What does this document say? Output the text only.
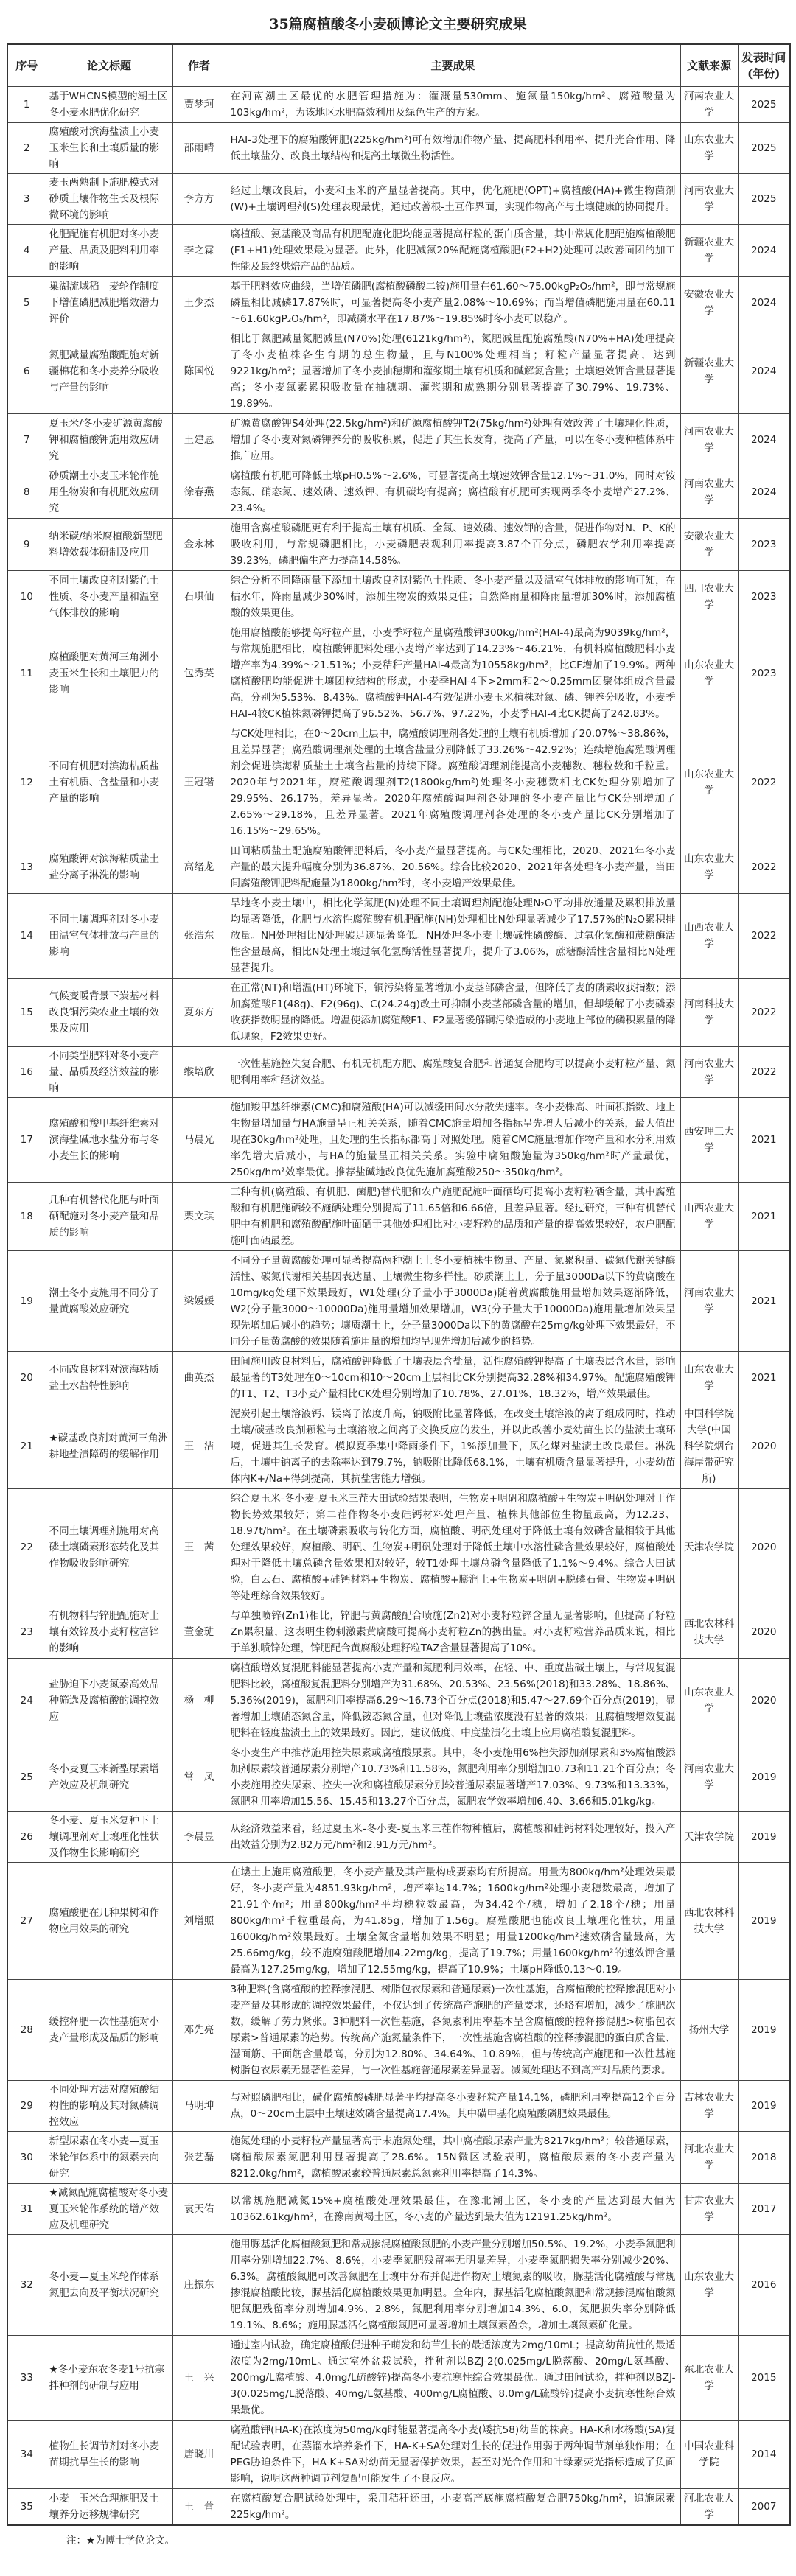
35篇腐植酸冬小麦硕博论文主要研究成果
序号	论文标题	作者	主要成果	文献来源	发表时间(年份)
1	基于WHCNS模型的潮土区冬小麦水肥优化研究	贾梦珂	在河南潮土区最优的水肥管理措施为：灌溉量530mm、施氮量150kg/hm²、腐殖酸量为103kg/hm²，为该地区水肥高效利用及绿色生产的方案。	河南农业大学	2025
2	腐殖酸对滨海盐渍土小麦玉米生长和土壤质量的影响	邵雨晴	HAⅠ-3处理下的腐殖酸钾肥(225kg/hm²)可有效增加作物产量、提高肥料利用率、提升光合作用、降低土壤盐分、改良土壤结构和提高土壤微生物活性。	山东农业大学	2025
3	麦玉两熟制下施肥模式对砂质土壤作物生长及根际微环境的影响	李方方	经过土壤改良后，小麦和玉米的产量显著提高。其中，优化施肥(OPT)+腐植酸(HA)+微生物菌剂(W)+土壤调理剂(S)处理表现最优，通过改善根-土互作界面，实现作物高产与土壤健康的协同提升。	河南农业大学	2025
4	化肥配施有机肥对冬小麦产量、品质及肥料利用率的影响	李之霖	腐植酸、氨基酸及商品有机肥配施化肥均能显著提高籽粒的蛋白质含量，其中常规化肥配施腐植酸肥(F1+H1)处理效果最为显著。此外，化肥减氮20%配施腐植酸肥(F2+H2)处理可以改善面团的加工性能及最终烘焙产品的品质。	新疆农业大学	2024
5	巢湖流域稻—麦轮作制度下增值磷肥减肥增效潜力评价	王少杰	基于肥料效应曲线，当增值磷肥(腐植酸磷酸二铵)施用量在61.60～75.00kgP₂O₅/hm²，即与常规施磷量相比减磷17.87%时，可显著提高冬小麦产量2.08%～10.69%；而当增值磷肥施用量在60.11～61.60kgP₂O₅/hm²，即减磷水平在17.87%～19.85%时冬小麦可以稳产。	安徽农业大学	2024
6	氮肥减量腐殖酸配施对新疆棉花和冬小麦养分吸收与产量的影响	陈国悦	相比于氮肥减量氮肥减量(N70%)处理(6121kg/hm²)，氮肥减量配施腐殖酸(N70%+HA)处理提高了冬小麦植株各生育期的总生物量，且与N100%处理相当；籽粒产量显著提高，达到9221kg/hm²；显著增加了冬小麦抽穗期和灌浆期土壤有机质和碱解氮含量；土壤速效钾含量显著提高；冬小麦氮素累积吸收量在抽穗期、灌浆期和成熟期分别显著提高了30.79%、19.73%、19.89%。	新疆农业大学	2024
7	夏玉米/冬小麦矿源黄腐酸钾和腐植酸钾施用效应研究	王建恩	矿源黄腐酸钾S4处理(22.5kg/hm²)和矿源腐植酸钾T2(75kg/hm²)处理有效改善了土壤理化性质，增加了冬小麦对氮磷钾养分的吸收积累，促进了其生长发育，提高了产量，可以在冬小麦种植体系中推广应用。	河南农业大学	2024
8	砂质潮土小麦玉米轮作施用生物炭和有机肥效应研究	徐春燕	腐植酸有机肥可降低土壤pH0.5%～2.6%，可显著提高土壤速效钾含量12.1%～31.0%，同时对铵态氮、硝态氮、速效磷、速效钾、有机碳均有提高；腐植酸有机肥可实现两季冬小麦增产27.2%、23.4%。	河南农业大学	2024
9	纳米碳/纳米腐植酸新型肥料增效载体研制及应用	金永林	施用含腐植酸磷肥更有利于提高土壤有机质、全氮、速效磷、速效钾的含量，促进作物对N、P、K的吸收利用，与常规磷肥相比，小麦磷肥表观利用率提高3.87个百分点，磷肥农学利用率提高39.23%，磷肥偏生产力提高14.58%。	安徽农业大学	2023
10	不同土壤改良剂对紫色土性质、冬小麦产量和温室气体排放的影响	石琪仙	综合分析不同降雨量下添加土壤改良剂对紫色土性质、冬小麦产量以及温室气体排放的影响可知，在枯水年，降雨量减少30%时，添加生物炭的效果更佳；自然降雨量和降雨量增加30%时，添加腐植酸的效果更佳。	四川农业大学	2023
11	腐植酸肥对黄河三角洲小麦玉米生长和土壤肥力的影响	包秀英	施用腐植酸能够提高籽粒产量，小麦季籽粒产量腐殖酸钾300kg/hm²(HAI-4)最高为9039kg/hm²，与常规施肥相比，腐植酸钾肥料处理小麦增产率达到了14.23%～46.21%，有机料腐植酸肥料小麦增产率为4.39%～21.51%；小麦秸秆产量HAI-4最高为10558kg/hm²，比CF增加了19.9%。两种腐植酸肥均能促进土壤团粒结构的形成，小麦季HAI-4下>2mm和2～0.25mm团聚体组成含量最高，分别为5.53%、8.43%。腐植酸钾HAI-4有效促进小麦玉米植株对氮、磷、钾养分吸收，小麦季HAI-4较CK植株氮磷钾提高了96.52%、56.7%、97.22%，小麦季HAI-4比CK提高了242.83%。	山东农业大学	2023
12	不同有机肥对滨海粘质盐土有机质、含盐量和小麦产量的影响	王冠锴	与CK处理相比，在0～20cm土层中，腐殖酸调理剂各处理的土壤有机质增加了20.07%～38.86%，且差异显著；腐殖酸调理剂处理的土壤含盐量分别降低了33.26%～42.92%；连续增施腐殖酸调理剂会促进滨海粘质盐土土壤含盐量的持续下降。腐殖酸调理剂能提高小麦穗数、穗粒数和千粒重。2020年与2021年，腐殖酸调理剂T2(1800kg/hm²)处理冬小麦穗数相比CK处理分别增加了29.95%、26.17%，差异显著。2020年腐殖酸调理剂各处理的冬小麦产量比与CK分别增加了2.65%～29.18%，且差异显著。2021年腐殖酸调理剂各处理的冬小麦产量比CK分别增加了16.15%～29.65%。	山东农业大学	2022
13	腐殖酸钾对滨海粘质盐土盐分离子淋洗的影响	高绪龙	田间粘质盐土配施腐殖酸钾肥料后，冬小麦产量显著提高。与CK处理相比，2020、2021年冬小麦产量的最大提升幅度分别为36.87%、20.56%。综合比较2020、2021年各处理冬小麦产量，当田间腐殖酸钾肥料配施量为1800kg/hm²时，冬小麦增产效果最佳。	山东农业大学	2022
14	不同土壤调理剂对冬小麦田温室气体排放与产量的影响	张浩东	旱地冬小麦土壤中，相比化学氮肥(N)处理不同土壤调理剂配施处理N₂O平均排放通量及累积排放量均显著降低，化肥与水溶性腐殖酸有机肥配施(NH)处理相比N处理显著减少了17.57%的N₂O累积排放量。NH处理相比N处理碳足迹显著降低。NH处理冬小麦土壤碱性磷酸酶、过氧化氢酶和蔗糖酶活性含量最高，相比N处理土壤过氧化氢酶活性显著提升，提升了3.06%，蔗糖酶活性含量相比N处理显著提升。	山西农业大学	2022
15	气候变暖背景下炭基材料改良铜污染农业土壤的效果及应用	夏东方	在正常(NT)和增温(HT)环境下，铜污染将显著增加小麦茎部磷含量，但降低了麦的磷素收获指数；添加腐殖酸F1(48g)、F2(96g)、C(24.24g)改土可抑制小麦茎部磷含量的增加，但却缓解了小麦磷素收获指数明显的降低。增温使添加腐殖酸F1、F2显著缓解铜污染造成的小麦地上部位的磷积累量的降低现象，F2效果更好。	河南科技大学	2022
16	不同类型肥料对冬小麦产量、品质及经济效益的影响	缑培欣	一次性基施控失复合肥、有机无机配方肥、腐殖酸复合肥和普通复合肥均可以提高小麦籽粒产量、氮肥利用率和经济效益。	河南农业大学	2022
17	腐殖酸和羧甲基纤维素对滨海盐碱地水盐分布与冬小麦生长的影响	马晨光	施加羧甲基纤维素(CMC)和腐殖酸(HA)可以减缓田间水分散失速率。冬小麦株高、叶面积指数、地上生物量增加量与HA施量呈正相关关系，随着CMC施量增加各指标呈先增大后减小的关系，最大值出现在30kg/hm²处理，且处理的生长指标都高于对照处理。随着CMC施量增加作物产量和水分利用效率先增大后减小，与HA的施量呈正相关关系。实验中腐殖酸施量为350kg/hm²时产量最优，250kg/hm²效率最优。推荐盐碱地改良优先施加腐殖酸250～350kg/hm²。	西安理工大学	2021
18	几种有机替代化肥与叶面硒配施对冬小麦产量和品质的影响	栗文琪	三种有机(腐殖酸、有机肥、菌肥)替代肥和农户施肥配施叶面硒均可提高小麦籽粒硒含量，其中腐殖酸和有机肥施硒较不施硒处理分别提高了11.65倍和6.66倍，且差异显著。经过研究，三种有机替代肥中有机肥和腐殖酸配施叶面硒于其他处理相比对小麦籽粒的品质和产量的提高效果较好，农户肥配施叶面硒最差。	山西农业大学	2021
19	潮土冬小麦施用不同分子量黄腐酸效应研究	梁媛媛	不同分子量黄腐酸处理可显著提高两种潮土上冬小麦植株生物量、产量、氮累积量、碳氮代谢关键酶活性、碳氮代谢相关基因表达量、土壤微生物多样性。砂质潮土上，分子量3000Da以下的黄腐酸在10mg/kg处理下效果最好，W1处理(分子量小于3000Da)随着黄腐酸施用量增加效果逐渐降低，W2(分子量3000～10000Da)施用量增加效果增加，W3(分子量大于10000Da)施用量增加效果呈现先增加后减小的趋势；壤质潮土上，分子量3000Da以下的黄腐酸在25mg/kg处理下效果最好，不同分子量黄腐酸的效果随着施用量的增加均呈现先增加后减少的趋势。	河南农业大学	2021
20	不同改良材料对滨海粘质盐土水盐特性影响	曲英杰	田间施用改良材料后，腐殖酸钾降低了土壤表层含盐量，活性腐殖酸钾提高了土壤表层含水量，影响最显著的T3处理在0～10cm和10～20cm土层相比CK分别提高32.28%和34.97%。配施腐殖酸钾的T1、T2、T3小麦产量相比CK处理分别增加了10.78%、27.01%、18.32%，增产效果最佳。	山东农业大学	2021
21	★碳基改良剂对黄河三角洲耕地盐渍障碍的缓解作用	王　洁	泥炭引起土壤溶液钙、镁离子浓度升高，钠吸附比显著降低，在改变土壤溶液的离子组成同时，推动土壤/碳基改良剂颗粒与土壤溶液之间离子交换反应的发生，并以此改善小麦幼苗生长的盐渍土壤环境，促进其生长发育。模拟夏季集中降雨条件下，1%添加量下，风化煤对盐渍土改良最佳。淋洗后，土壤中钠离子的去除率达到79.7%，钠吸附比降低68.1%，土壤有机质含量显著提升，小麦幼苗体内K+/Na+得到提高，其抗盐害能力增强。	中国科学院大学(中国科学院烟台海岸带研究所)	2020
22	不同土壤调理剂施用对高磷土壤磷素形态转化及其作物吸收影响研究	王　茜	综合夏玉米-冬小麦-夏玉米三茬大田试验结果表明，生物炭+明矾和腐植酸+生物炭+明矾处理对于作物长势效果较好；第二茬作物冬小麦硅钙材料处理产量、植株其他部位生物量最高，为12.23、18.97t/hm²。在土壤磷素吸收与转化方面，腐植酸、明矾处理对于降低土壤有效磷含量相较于其他处理效果较好，腐植酸、明矾、生物炭+明矾处理对于降低土壤中水溶性磷含量效果较好，腐植酸处理对于降低土壤总磷含量效果相对较好，较T1处理土壤总磷含量降低了1.1%～9.4%。综合大田试验，白云石、腐植酸+硅钙材料+生物炭、腐植酸+膨润土+生物炭+明矾+脱磷石膏、生物炭+明矾等处理综合效果较好。	天津农学院	2020
23	有机物料与锌肥配施对土壤有效锌及小麦籽粒富锌的影响	董金琎	与单独喷锌(Zn1)相比，锌肥与黄腐酸配合喷施(Zn2)对小麦籽粒锌含量无显著影响，但提高了籽粒Zn累积量，这表明生物刺激素黄腐酸可提高小麦籽粒Zn的携出量。对小麦籽粒营养品质来说，相比于单独喷锌处理，锌肥配合黄腐酸处理籽粒TAZ含量显著提高了10%。	西北农林科技大学	2020
24	盐胁迫下小麦氮素高效品种筛选及腐植酸的调控效应	杨　柳	腐植酸增效复混肥料能显著提高小麦产量和氮肥利用效率，在轻、中、重度盐碱土壤上，与常规复混肥料比较，腐植酸复混肥料分别增产为31.68%、20.53%、23.56%(2018)和33.28%、18.86%、5.36%(2019)，氮肥利用率提高6.29～16.73个百分点(2018)和5.47～27.69个百分点(2019)，显著增加土壤硝态氮含量，降低铵态氮含量，但对降低土壤盐浓度没有显著的效果；且腐植酸增效复混肥料在轻度盐渍土上的效果最好。因此，建议低度、中度盐渍化土壤上应用腐植酸复混肥料。	山东农业大学	2020
25	冬小麦夏玉米新型尿素增产效应及机制研究	常　凤	冬小麦生产中推荐施用控失尿素或腐植酸尿素。其中，冬小麦施用6%控失添加剂尿素和3%腐植酸添加剂尿素较普通尿素分别增产10.73%和11.58%，氮肥利用率分别增加10.73和11.21个百分点；冬小麦施用控失尿素、控失一次和腐植酸尿素分别较普通尿素显著增产17.03%、9.73%和13.33%，氮肥利用率增加15.56、15.45和13.27个百分点，氮肥农学效率增加6.40、3.66和5.01kg/kg。	河南农业大学	2019
26	冬小麦、夏玉米复种下土壤调理剂对土壤理化性状及作物生长影响研究	李晨昱	从经济效益来看，经过夏玉米-冬小麦-夏玉米三茬作物种植后，腐植酸和硅钙材料处理较好，投入产出效益分别为2.82万元/hm²和2.91万元/hm²。	天津农学院	2019
27	腐殖酸肥在几种果树和作物应用效果的研究	刘增照	在塿土上施用腐殖酸肥，冬小麦产量及其产量构成要素均有所提高。用量为800kg/hm²处理效果最好，冬小麦产量为4851.93kg/hm²，增产率达14.7%；1600kg/hm²处理小麦穗数最高，增加了21.91个/m²；用量800kg/hm²平均穗粒数最高，为34.42个/穗，增加了2.18个/穗；用量800kg/hm²千粒重最高，为41.85g，增加了1.56g。腐殖酸肥也能改良土壤理化性状，用量1600kg/hm²效果最好。土壤全氮含量增加效果不明显；用量1200kg/hm²速效磷含量最高，为25.66mg/kg，较不施腐殖酸肥增加4.22mg/kg，提高了19.7%；用量1600kg/hm²的速效钾含量最高为127.25mg/kg，增加了12.55mg/kg，提高了10.9%；土壤pH降低0.13～0.19。	西北农林科技大学	2019
28	缓控释肥一次性基施对小麦产量形成及品质的影响	邓先亮	3种肥料(含腐植酸的控释掺混肥、树脂包衣尿素和普通尿素)一次性基施，含腐植酸的控释掺混肥对小麦产量及其形成的调控效果最佳，不仅达到了传统高产施肥的产量要求，还略有增加，减少了施肥次数，缓解了劳力紧张。3种肥料一次性基施，各氮素利用率基本呈含腐植酸的控释掺混肥>树脂包衣尿素>普通尿素的趋势。传统高产施氮量条件下，一次性基施含腐植酸的控释掺混肥的蛋白质含量、湿面筋、干面筋含量最高，分别为12.80%、34.64%、10.89%，但与传统高产施肥和一次性基施树脂包衣尿素无显著性差异，与一次性基施普通尿素差异显著。减氮处理达不到高产对品质的要求。	扬州大学	2019
29	不同处理方法对腐殖酸结构性的影响及其对氮磷调控效应	马明坤	与对照磷肥相比，磺化腐殖酸磷肥显著平均提高冬小麦籽粒产量14.1%，磷肥利用率提高12个百分点，0～20cm土层中土壤速效磷含量提高17.4%。其中磺甲基化腐殖酸磷肥效果最佳。	吉林农业大学	2019
30	新型尿素在冬小麦—夏玉米轮作体系中的氮素去向研究	张艺磊	施氮处理的小麦籽粒产量显著高于未施氮处理，其中腐植酸尿素产量为8217kg/hm²；较普通尿素，腐植酸尿素氮肥利用显著提高了28.6%。15N微区试验表明，腐植酸尿素的冬小麦产量为8212.0kg/hm²，腐植酸尿素较普通尿素总氮素利用率提高了14.3%。	河北农业大学	2018
31	★减氮配施腐植酸对冬小麦夏玉米轮作系统的增产效应及机理研究	袁天佑	以常规施肥减氮15%+腐植酸处理效果最佳，在豫北潮土区，冬小麦的产量达到最大值为10362.61kg/hm²，在豫南黄褐土区，冬小麦的产量达到最大值为12191.25kg/hm²。	甘肃农业大学	2017
32	冬小麦—夏玉米轮作体系氮肥去向及平衡状况研究	庄振东	施用脲基活化腐植酸氮肥和常规掺混腐植酸氮肥的小麦产量分别增加50.5%、19.2%，小麦季氮肥利用率分别增加22.7%、8.6%，小麦季氮肥残留率无明显差异，小麦季氮肥损失率分别减少20%、6.3%。腐植酸氮肥可改善氮肥在土壤中分布并促进作物对土壤氮素的吸收，脲基活化腐殖酸与常规掺混腐植酸比较，脲基活化腐植酸效果更加明显。全年内，脲基活化腐植酸氮肥和常规掺混腐植酸氮肥氮肥残留率分别增加4.9%、2.8%，氮肥利用率分别增加14.3%、6.0，氮肥损失率分别降低19.1%、8.6%；施用脲基活化腐植酸氮肥可显著增加土壤氮素盈余，增加土壤氮素矿化量。	山东农业大学	2016
33	★冬小麦东农冬麦1号抗寒拌种剂的研制与应用	王　兴	通过室内试验，确定腐植酸促进种子萌发和幼苗生长的最适浓度为2mg/10mL；提高幼苗抗性的最适浓度为2mg/10mL。通过室外盆栽试验，拌种剂以BZJ-2(0.025mg/L脱落酸、20mg/L氨基酸、200mg/L腐植酸、4.0mg/L硫酸锌)提高冬小麦抗寒性综合效果最优。通过田间试验，拌种剂以BZJ-3(0.025mg/L脱落酸、40mg/L氨基酸、400mg/L腐植酸、8.0mg/L硫酸锌)提高小麦抗寒性综合效果最优。	东北农业大学	2015
34	植物生长调节剂对冬小麦苗期抗旱生长的影响	唐晓川	腐殖酸钾(HA-K)在浓度为50mg/kg时能显著提高冬小麦(矮抗58)幼苗的株高。HA-K和水杨酸(SA)复配试验表明，在蒸馏水培养条件下，HA-K+SA处理对生长的促进作用弱于两种调节剂单独作用；在PEG胁迫条件下，HA-K+SA对幼苗无显著保护效果，甚至对光合作用和叶绿素荧光指标造成了负面影响，说明这两种调节剂复配可能发生了不良反应。	中国农业科学院	2014
35	小麦—玉米合理施肥及土壤养分运移规律研究	王　蕾	在腐植酸复合肥试验处理中，采用秸秆还田，小麦高产底施腐植酸复合肥750kg/hm²，追施尿素225kg/hm²。	河北农业大学	2007
注：★为博士学位论文。
